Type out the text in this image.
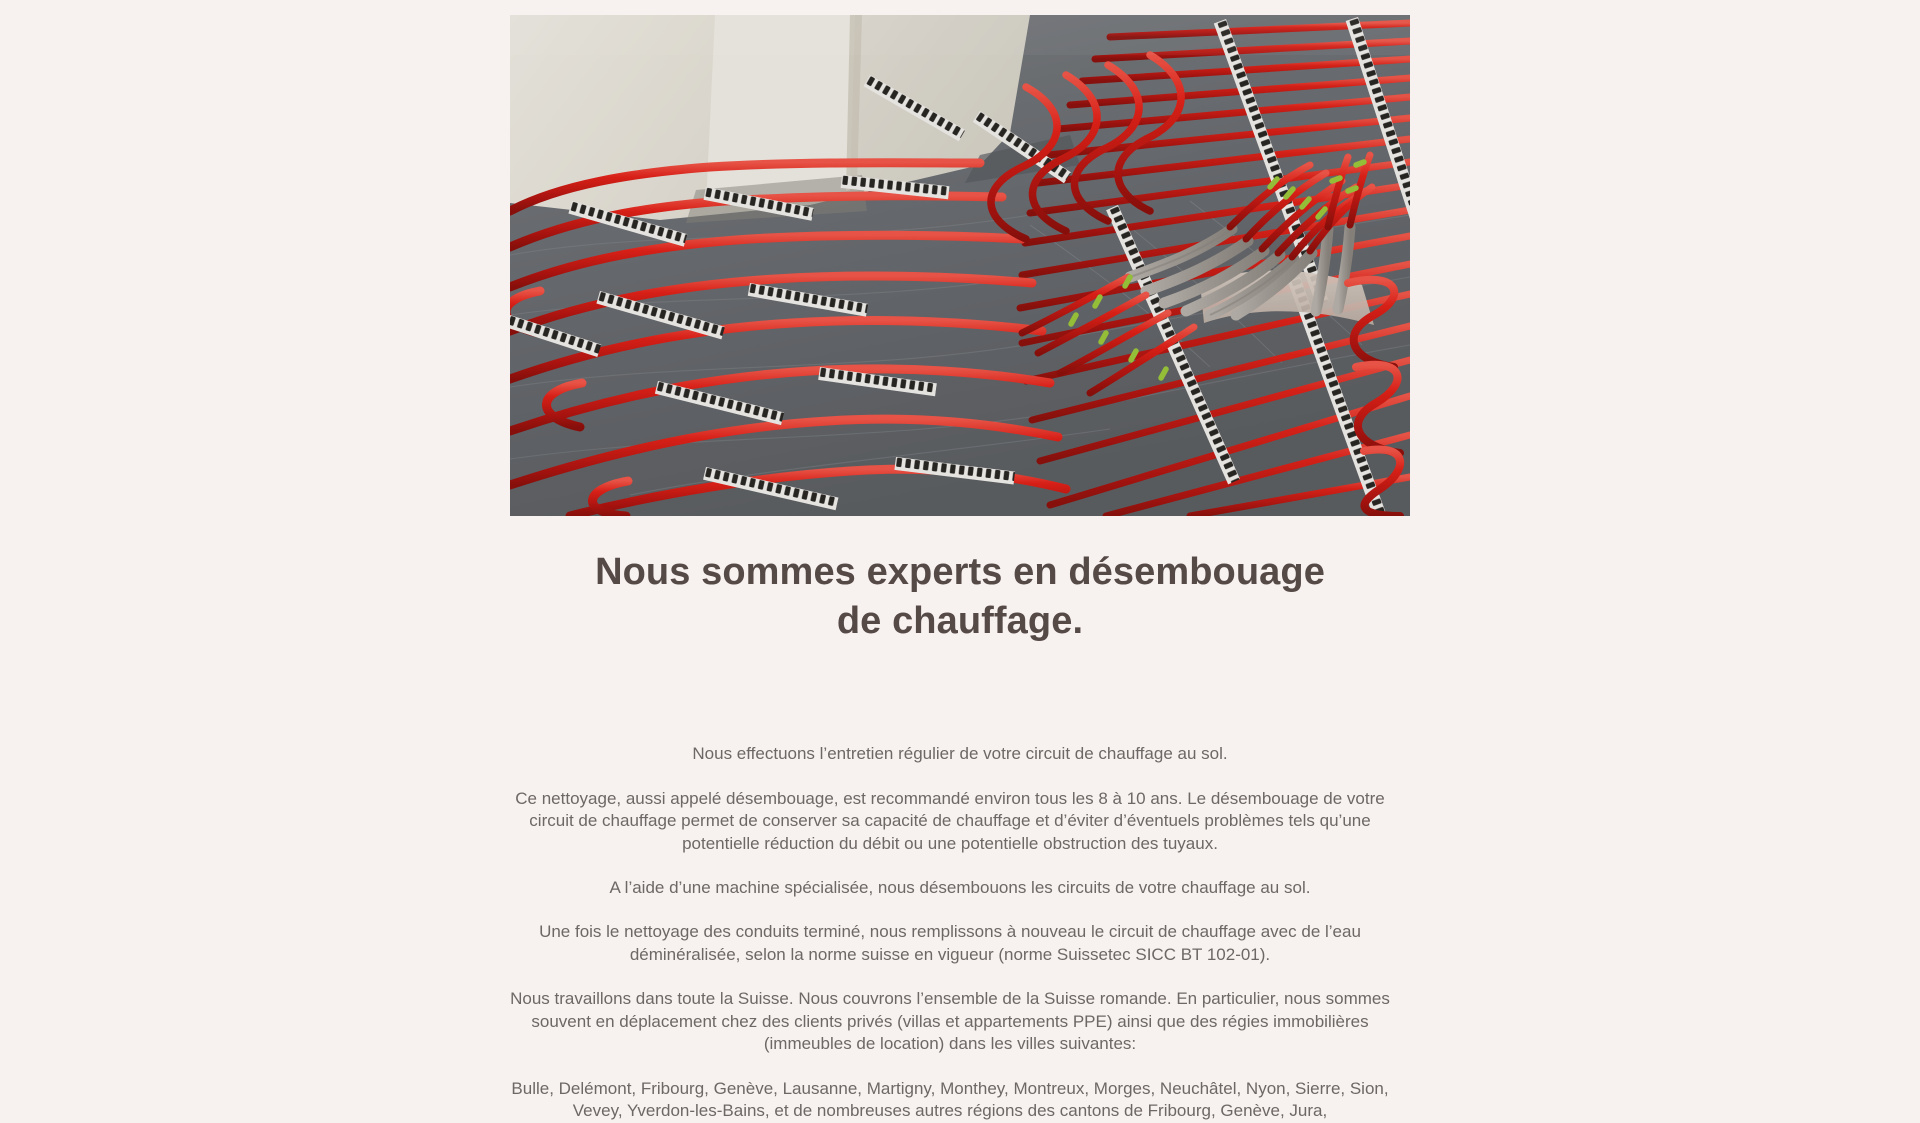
Nous sommes experts en désembouage de chauffage.

Nous effectuons l’entretien régulier de votre circuit de chauffage au sol.

Ce nettoyage, aussi appelé désembouage, est recommandé environ tous les 8 à 10 ans. Le désembouage de votre circuit de chauffage permet de conserver sa capacité de chauffage et d’éviter d’éventuels problèmes tels qu’une potentielle réduction du débit ou une potentielle obstruction des tuyaux.

A l’aide d’une machine spécialisée, nous désembouons les circuits de votre chauffage au sol.

Une fois le nettoyage des conduits terminé, nous remplissons à nouveau le circuit de chauffage avec de l’eau déminéralisée, selon la norme suisse en vigueur (norme Suissetec SICC BT 102-01).

Nous travaillons dans toute la Suisse. Nous couvrons l’ensemble de la Suisse romande. En particulier, nous sommes souvent en déplacement chez des clients privés (villas et appartements PPE) ainsi que des régies immobilières (immeubles de location) dans les villes suivantes:

Bulle, Delémont, Fribourg, Genève, Lausanne, Martigny, Monthey, Montreux, Morges, Neuchâtel, Nyon, Sierre, Sion, Vevey, Yverdon-les-Bains, et de nombreuses autres régions des cantons de Fribourg, Genève, Jura,
